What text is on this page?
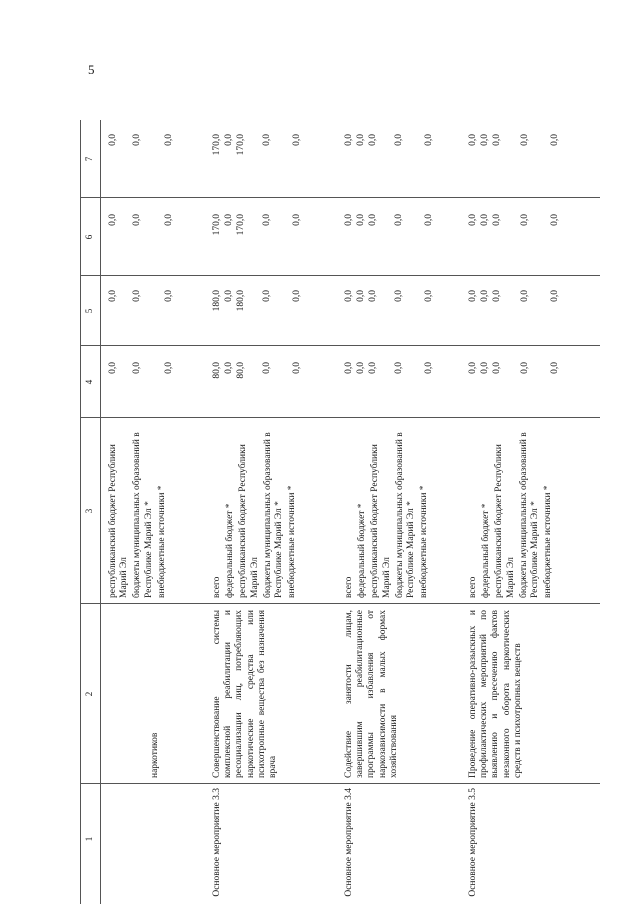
5
1
2
3
4
5
6
7
наркотиков
республиканский бюджет Республики Марий Эл бюджеты муниципальных образований в Республике Марий Эл * внебюджетные источники *
Основное мероприятие 3.3
Совершенствование системы комплексной реабилитации и ресоциализации лиц, потребляющих наркотические средства или психотропные вещества без назначения врача
всего федеральный бюджет * республиканский бюджет Республики Марий Эл бюджеты муниципальных образований в Республике Марий Эл * внебюджетные источники *
Основное мероприятие 3.4
Содействие занятости лицам, завершившим реабилитационные программы избавления от наркозависимости в малых формах хозяйствования
всего федеральный бюджет * республиканский бюджет Республики Марий Эл бюджеты муниципальных образований в Республике Марий Эл * внебюджетные источники *
Основное мероприятие 3.5
Проведение оперативно-разыскных и профилактических мероприятий по выявлению и пресечению фактов незаконного оборота наркотических средств и психотропных веществ
всего федеральный бюджет * республиканский бюджет Республики Марий Эл бюджеты муниципальных образований в Республике Марий Эл * внебюджетные источники *
0,0
0,0
0,0
0,0
0,0
0,0
0,0
0,0
0,0
0,0
0,0
0,0
80,0
180,0
170,0
170,0
0,0
0,0
0,0
0,0
80,0
180,0
170,0
170,0
0,0
0,0
0,0
0,0
0,0
0,0
0,0
0,0
0,0
0,0
0,0
0,0
0,0
0,0
0,0
0,0
0,0
0,0
0,0
0,0
0,0
0,0
0,0
0,0
0,0
0,0
0,0
0,0
0,0
0,0
0,0
0,0
0,0
0,0
0,0
0,0
0,0
0,0
0,0
0,0
0,0
0,0
0,0
0,0
0,0
0,0
0,0
0,0
